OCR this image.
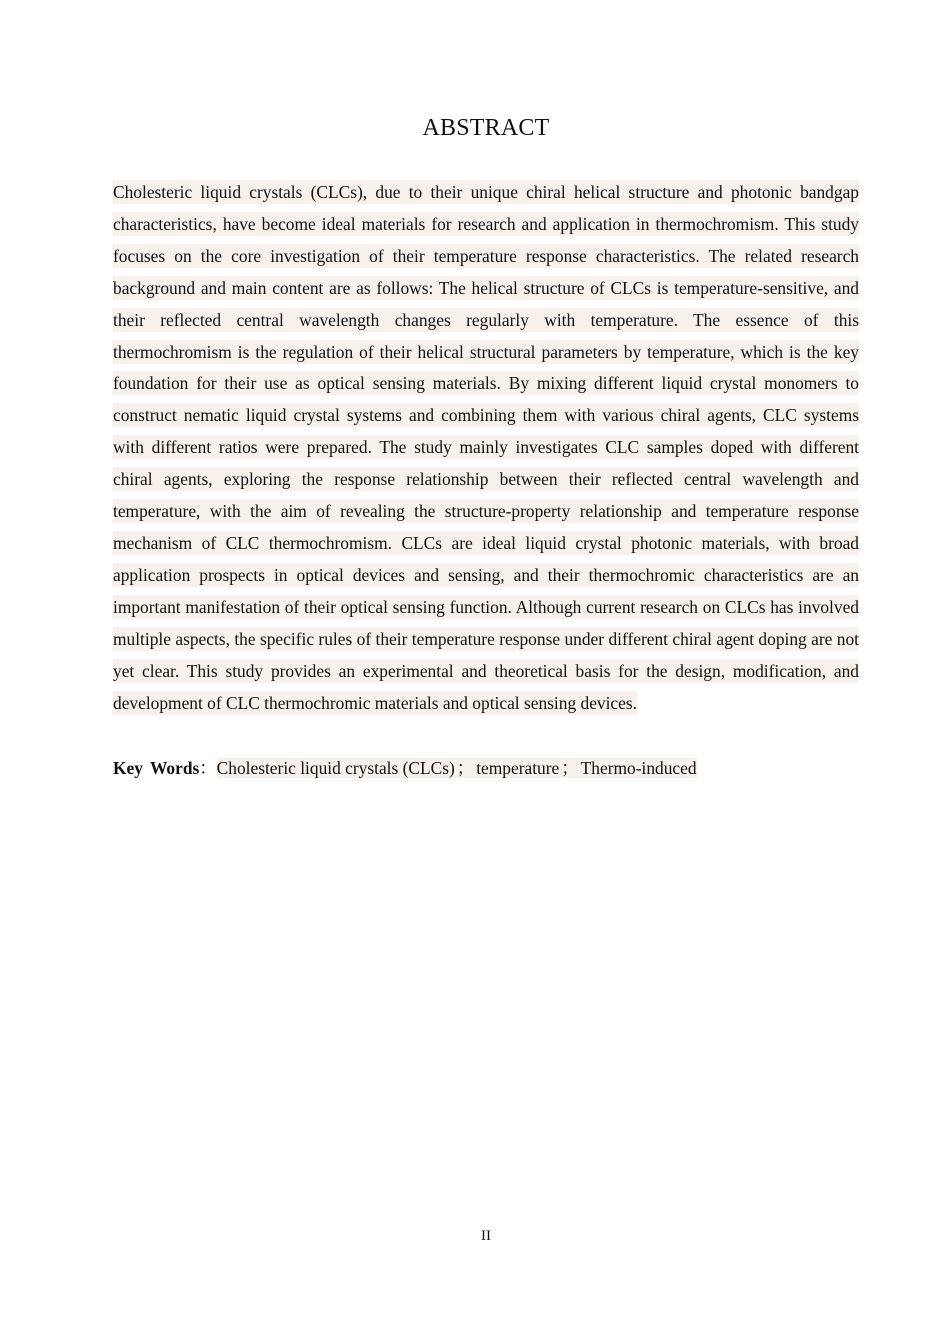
ABSTRACT

Cholesteric liquid crystals (CLCs), due to their unique chiral helical structure and photonic bandgap characteristics, have become ideal materials for research and application in thermochromism. This study focuses on the core investigation of their temperature response characteristics. The related research background and main content are as follows: The helical structure of CLCs is temperature-sensitive, and their reflected central wavelength changes regularly with temperature. The essence of this thermochromism is the regulation of their helical structural parameters by temperature, which is the key foundation for their use as optical sensing materials. By mixing different liquid crystal monomers to construct nematic liquid crystal systems and combining them with various chiral agents, CLC systems with different ratios were prepared. The study mainly investigates CLC samples doped with different chiral agents, exploring the response relationship between their reflected central wavelength and temperature, with the aim of revealing the structure-property relationship and temperature response mechanism of CLC thermochromism. CLCs are ideal liquid crystal photonic materials, with broad application prospects in optical devices and sensing, and their thermochromic characteristics are an important manifestation of their optical sensing function. Although current research on CLCs has involved multiple aspects, the specific rules of their temperature response under different chiral agent doping are not yet clear. This study provides an experimental and theoretical basis for the design, modification, and development of CLC thermochromic materials and optical sensing devices.

Key Words：Cholesteric liquid crystals (CLCs) ； temperature ； Thermo-induced

II
